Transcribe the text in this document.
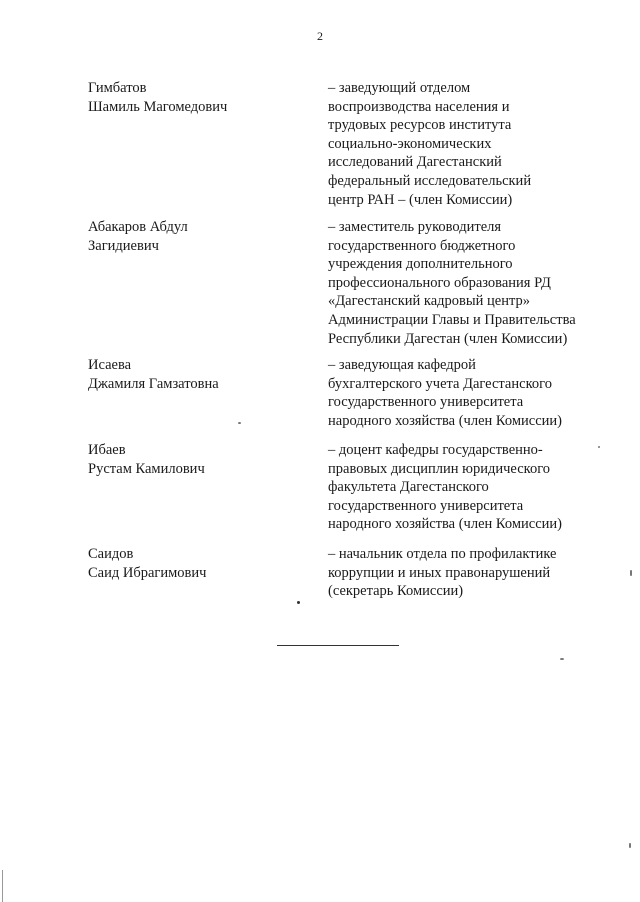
2
Гимбатов
Шамиль Магомедович
– заведующий отделом
воспроизводства населения и
трудовых ресурсов института
социально-экономических
исследований Дагестанский
федеральный исследовательский
центр РАН – (член Комиссии)
Абакаров Абдул
Загидиевич
– заместитель руководителя
государственного бюджетного
учреждения дополнительного
профессионального образования РД
«Дагестанский кадровый центр»
Администрации Главы и Правительства
Республики Дагестан (член Комиссии)
Исаева
Джамиля Гамзатовна
– заведующая кафедрой
бухгалтерского учета Дагестанского
государственного университета
народного хозяйства (член Комиссии)
Ибаев
Рустам Камилович
– доцент кафедры государственно-
правовых дисциплин юридического
факультета Дагестанского
государственного университета
народного хозяйства (член Комиссии)
Саидов
Саид Ибрагимович
– начальник отдела по профилактике
коррупции и иных правонарушений
(секретарь Комиссии)
